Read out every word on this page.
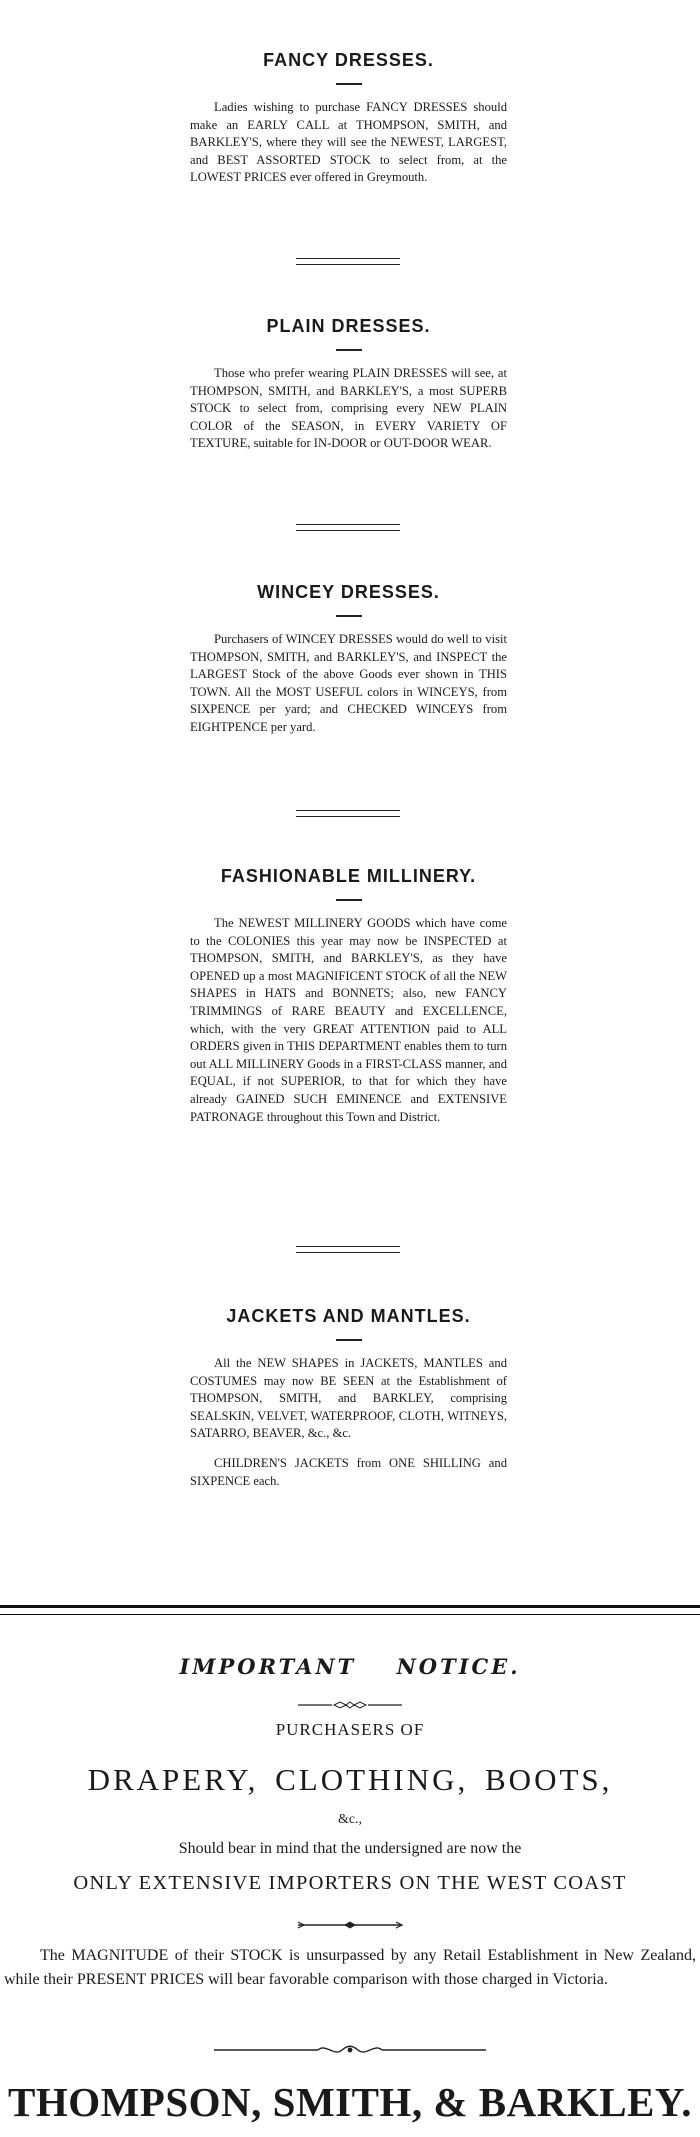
FANCY DRESSES.

Ladies wishing to purchase FANCY DRESSES should make an EARLY CALL at THOMPSON, SMITH, and BARKLEY'S, where they will see the NEWEST, LARGEST, and BEST ASSORTED STOCK to select from, at the LOWEST PRICES ever offered in Greymouth.

PLAIN DRESSES.

Those who prefer wearing PLAIN DRESSES will see, at THOMPSON, SMITH, and BARKLEY'S, a most SUPERB STOCK to select from, comprising every NEW PLAIN COLOR of the SEASON, in EVERY VARIETY OF TEXTURE, suitable for IN-DOOR or OUT-DOOR WEAR.

WINCEY DRESSES.

Purchasers of WINCEY DRESSES would do well to visit THOMPSON, SMITH, and BARKLEY'S, and INSPECT the LARGEST Stock of the above Goods ever shown in THIS TOWN. All the MOST USEFUL colors in WINCEYS, from SIXPENCE per yard; and CHECKED WINCEYS from EIGHTPENCE per yard.

FASHIONABLE MILLINERY.

The NEWEST MILLINERY GOODS which have come to the COLONIES this year may now be INSPECTED at THOMPSON, SMITH, and BARKLEY'S, as they have OPENED up a most MAGNIFICENT STOCK of all the NEW SHAPES in HATS and BONNETS; also, new FANCY TRIMMINGS of RARE BEAUTY and EXCELLENCE, which, with the very GREAT ATTENTION paid to ALL ORDERS given in THIS DEPARTMENT enables them to turn out ALL MILLINERY Goods in a FIRST-CLASS manner, and EQUAL, if not SUPERIOR, to that for which they have already GAINED SUCH EMINENCE and EXTENSIVE PATRONAGE throughout this Town and District.

JACKETS AND MANTLES.

All the NEW SHAPES in JACKETS, MANTLES and COSTUMES may now BE SEEN at the Establishment of THOMPSON, SMITH, and BARKLEY, comprising SEALSKIN, VELVET, WATERPROOF, CLOTH, WITNEYS, SATARRO, BEAVER, &c., &c.

CHILDREN'S JACKETS from ONE SHILLING and SIXPENCE each.

IMPORTANT NOTICE.

PURCHASERS OF

DRAPERY, CLOTHING, BOOTS,

&c.,

Should bear in mind that the undersigned are now the

ONLY EXTENSIVE IMPORTERS ON THE WEST COAST

The MAGNITUDE of their STOCK is unsurpassed by any Retail Establishment in New Zealand, while their PRESENT PRICES will bear favorable comparison with those charged in Victoria.

THOMPSON, SMITH, & BARKLEY.
